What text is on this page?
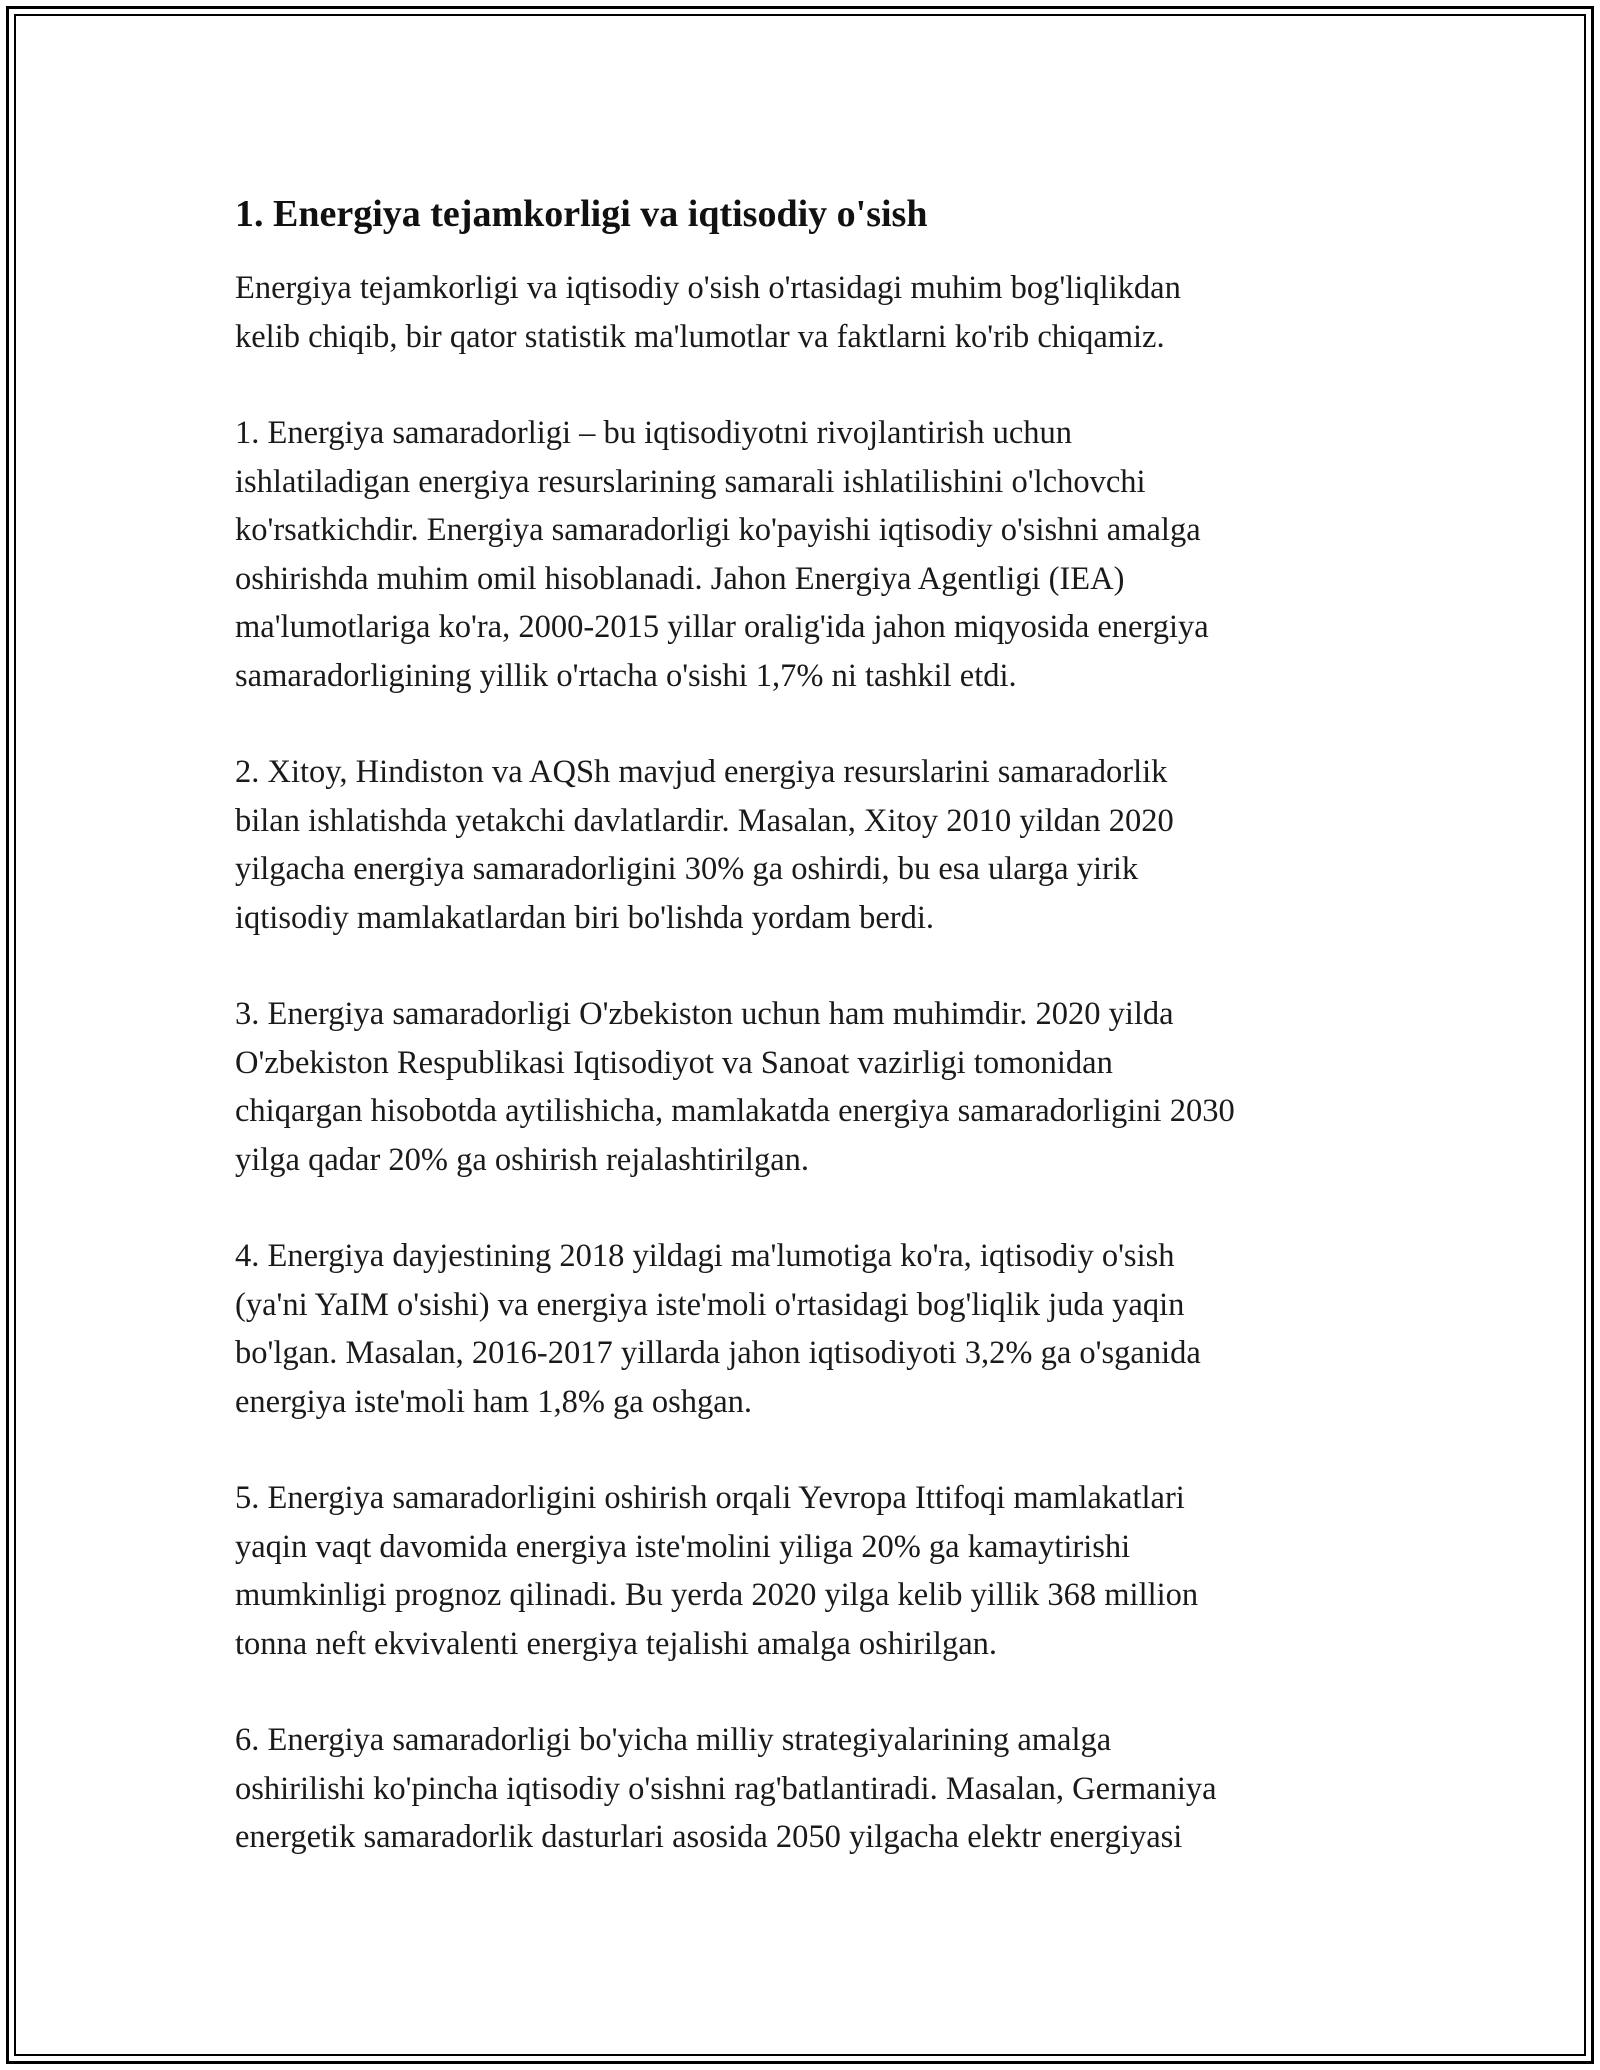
1. Energiya tejamkorligi va iqtisodiy o'sish

Energiya tejamkorligi va iqtisodiy o'sish o'rtasidagi muhim bog'liqlikdan
kelib chiqib, bir qator statistik ma'lumotlar va faktlarni ko'rib chiqamiz.

1. Energiya samaradorligi – bu iqtisodiyotni rivojlantirish uchun
ishlatiladigan energiya resurslarining samarali ishlatilishini o'lchovchi
ko'rsatkichdir. Energiya samaradorligi ko'payishi iqtisodiy o'sishni amalga
oshirishda muhim omil hisoblanadi. Jahon Energiya Agentligi (IEA)
ma'lumotlariga ko'ra, 2000-2015 yillar oralig'ida jahon miqyosida energiya
samaradorligining yillik o'rtacha o'sishi 1,7% ni tashkil etdi.

2. Xitoy, Hindiston va AQSh mavjud energiya resurslarini samaradorlik
bilan ishlatishda yetakchi davlatlardir. Masalan, Xitoy 2010 yildan 2020
yilgacha energiya samaradorligini 30% ga oshirdi, bu esa ularga yirik
iqtisodiy mamlakatlardan biri bo'lishda yordam berdi.

3. Energiya samaradorligi O'zbekiston uchun ham muhimdir. 2020 yilda
O'zbekiston Respublikasi Iqtisodiyot va Sanoat vazirligi tomonidan
chiqargan hisobotda aytilishicha, mamlakatda energiya samaradorligini 2030
yilga qadar 20% ga oshirish rejalashtirilgan.

4. Energiya dayjestining 2018 yildagi ma'lumotiga ko'ra, iqtisodiy o'sish
(ya'ni YaIM o'sishi) va energiya iste'moli o'rtasidagi bog'liqlik juda yaqin
bo'lgan. Masalan, 2016-2017 yillarda jahon iqtisodiyoti 3,2% ga o'sganida
energiya iste'moli ham 1,8% ga oshgan.

5. Energiya samaradorligini oshirish orqali Yevropa Ittifoqi mamlakatlari
yaqin vaqt davomida energiya iste'molini yiliga 20% ga kamaytirishi
mumkinligi prognoz qilinadi. Bu yerda 2020 yilga kelib yillik 368 million
tonna neft ekvivalenti energiya tejalishi amalga oshirilgan.

6. Energiya samaradorligi bo'yicha milliy strategiyalarining amalga
oshirilishi ko'pincha iqtisodiy o'sishni rag'batlantiradi. Masalan, Germaniya
energetik samaradorlik dasturlari asosida 2050 yilgacha elektr energiyasi
